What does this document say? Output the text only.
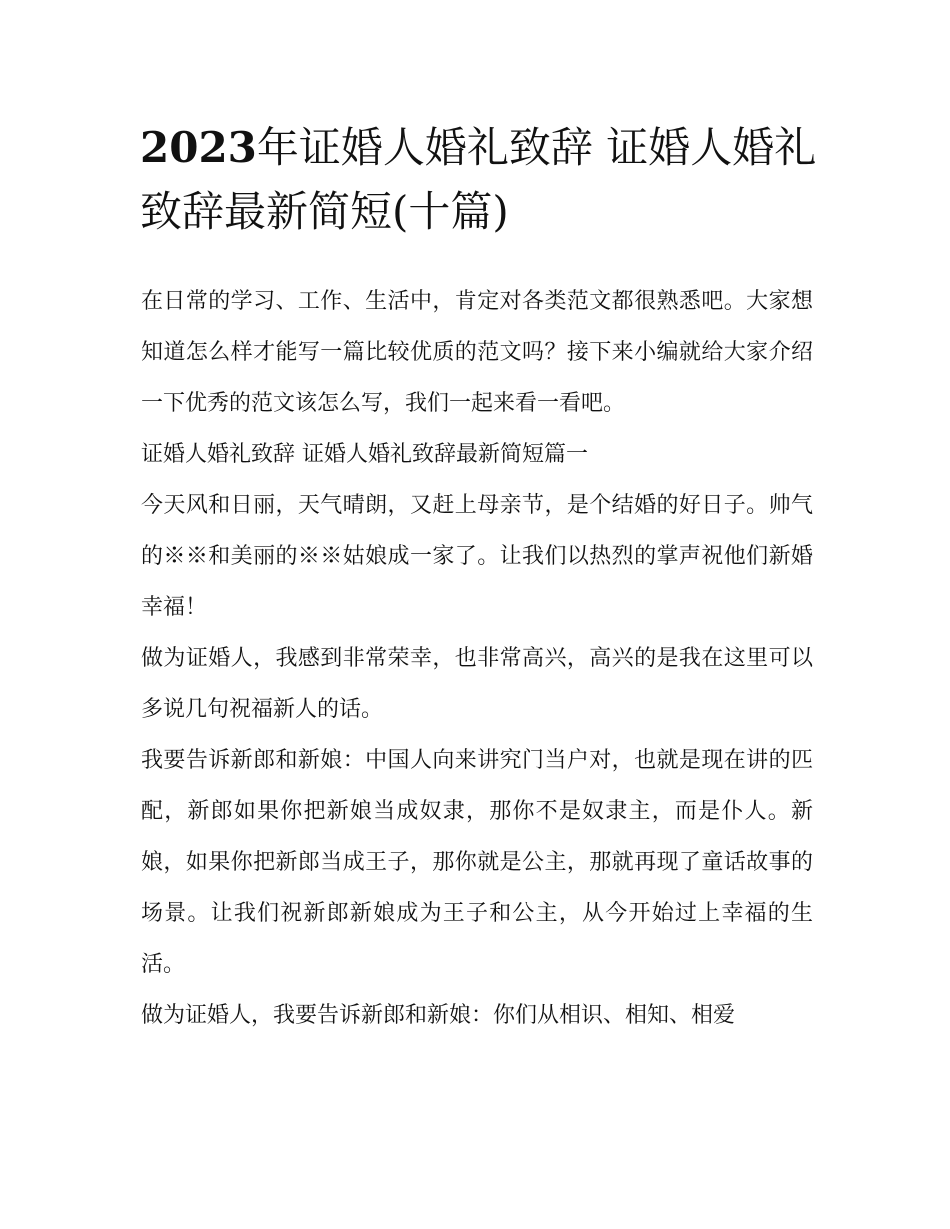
2023年证婚人婚礼致辞 证婚人婚礼致辞最新简短(十篇)

在日常的学习、工作、生活中，肯定对各类范文都很熟悉吧。大家想知道怎么样才能写一篇比较优质的范文吗？接下来小编就给大家介绍一下优秀的范文该怎么写，我们一起来看一看吧。

证婚人婚礼致辞 证婚人婚礼致辞最新简短篇一

今天风和日丽，天气晴朗，又赶上母亲节，是个结婚的好日子。帅气的※※和美丽的※※姑娘成一家了。让我们以热烈的掌声祝他们新婚幸福！

做为证婚人，我感到非常荣幸，也非常高兴，高兴的是我在这里可以多说几句祝福新人的话。

我要告诉新郎和新娘：中国人向来讲究门当户对，也就是现在讲的匹配，新郎如果你把新娘当成奴隶，那你不是奴隶主，而是仆人。新娘，如果你把新郎当成王子，那你就是公主，那就再现了童话故事的场景。让我们祝新郎新娘成为王子和公主，从今开始过上幸福的生活。

做为证婚人，我要告诉新郎和新娘：你们从相识、相知、相爱
